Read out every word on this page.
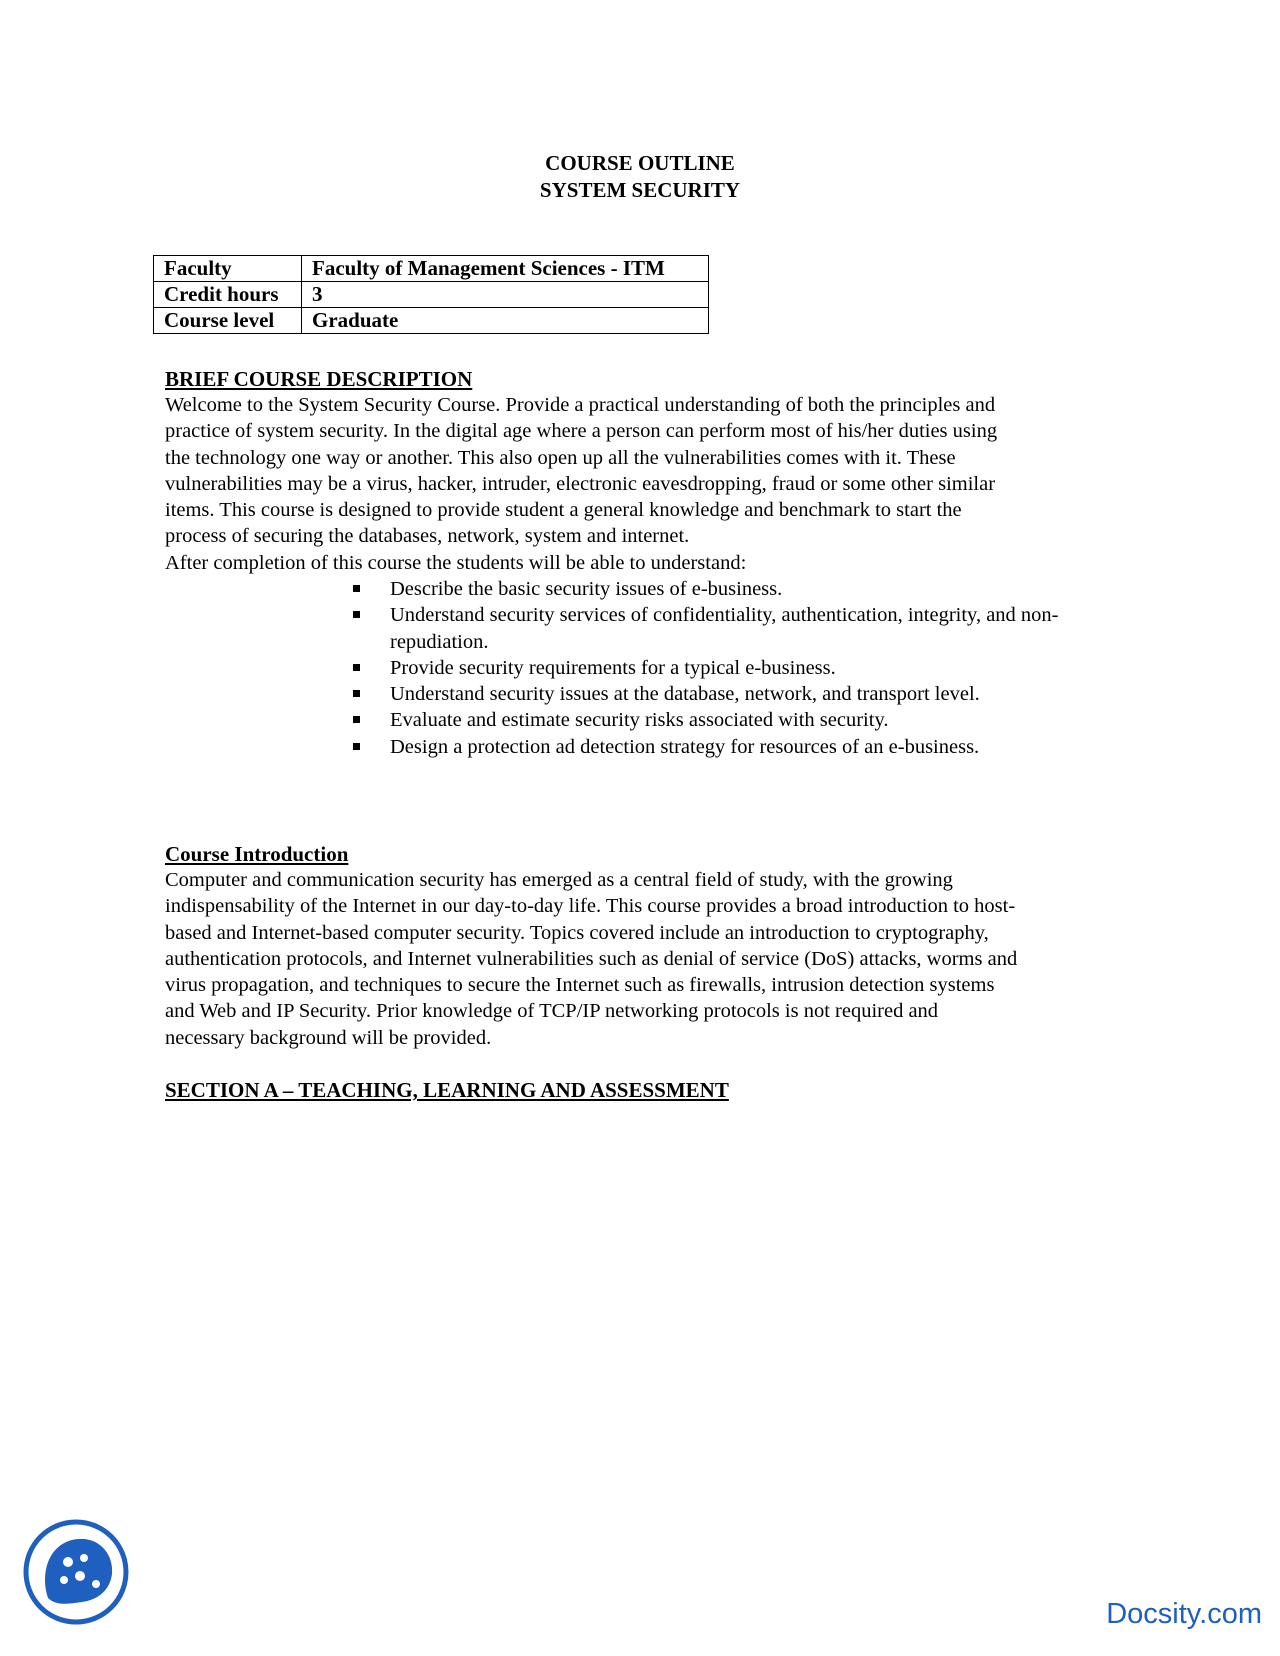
COURSE OUTLINE
SYSTEM SECURITY
Faculty	Faculty of Management Sciences - ITM
Credit hours	3
Course level	Graduate
BRIEF COURSE DESCRIPTION
Welcome to the System Security Course. Provide a practical understanding of both the principles and
practice of system security. In the digital age where a person can perform most of his/her duties using
the technology one way or another. This also open up all the vulnerabilities comes with it. These
vulnerabilities may be a virus, hacker, intruder, electronic eavesdropping, fraud or some other similar
items. This course is designed to provide student a general knowledge and benchmark to start the
process of securing the databases, network, system and internet.
After completion of this course the students will be able to understand:
Describe the basic security issues of e-business.
Understand security services of confidentiality, authentication, integrity, and non-repudiation.
Provide security requirements for a typical e-business.
Understand security issues at the database, network, and transport level.
Evaluate and estimate security risks associated with security.
Design a protection ad detection strategy for resources of an e-business.
Course Introduction
Computer and communication security has emerged as a central field of study, with the growing
indispensability of the Internet in our day-to-day life. This course provides a broad introduction to host-
based and Internet-based computer security. Topics covered include an introduction to cryptography,
authentication protocols, and Internet vulnerabilities such as denial of service (DoS) attacks, worms and
virus propagation, and techniques to secure the Internet such as firewalls, intrusion detection systems
and Web and IP Security. Prior knowledge of TCP/IP networking protocols is not required and
necessary background will be provided.
SECTION A – TEACHING, LEARNING AND ASSESSMENT
Docsity.com
